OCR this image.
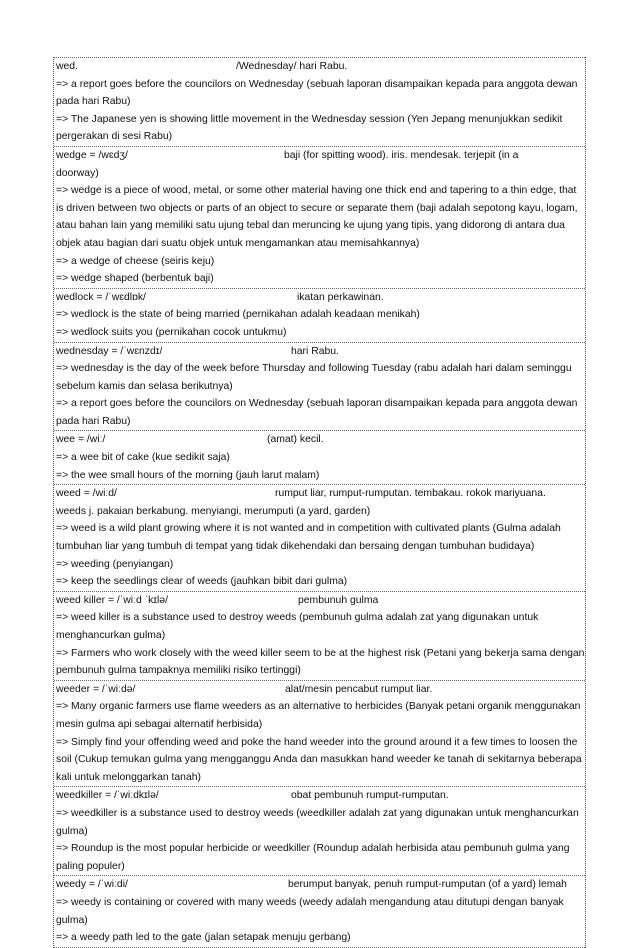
wed.	/Wednesday/ hari Rabu.

=> a report goes before the councilors on Wednesday (sebuah laporan disampaikan kepada para anggota dewan pada hari Rabu)

=> The Japanese yen is showing little movement in the Wednesday session (Yen Jepang menunjukkan sedikit pergerakan di sesi Rabu)

wedge = /wɛdʒ/	baji (for spitting wood). iris. mendesak. terjepit (in a

doorway)

=> wedge is a piece of wood, metal, or some other material having one thick end and tapering to a thin edge, that is driven between two objects or parts of an object to secure or separate them (baji adalah sepotong kayu, logam, atau bahan lain yang memiliki satu ujung tebal dan meruncing ke ujung yang tipis, yang didorong di antara dua objek atau bagian dari suatu objek untuk mengamankan atau memisahkannya)

=> a wedge of cheese (seiris keju)

=> wedge shaped (berbentuk baji)

wedlock = /ˈwɛdlɒk/	ikatan perkawinan.

=> wedlock is the state of being married (pernikahan adalah keadaan menikah)

=> wedlock suits you (pernikahan cocok untukmu)

wednesday = /ˈwɛnzdɪ/	hari Rabu.

=> wednesday is the day of the week before Thursday and following Tuesday (rabu adalah hari dalam seminggu sebelum kamis dan selasa berikutnya)

=> a report goes before the councilors on Wednesday (sebuah laporan disampaikan kepada para anggota dewan pada hari Rabu)

wee = /wiː/	(amat) kecil.

=> a wee bit of cake (kue sedikit saja)

=> the wee small hours of the morning (jauh larut malam)

weed = /wiːd/	rumput liar, rumput-rumputan. tembakau. rokok mariyuana.

weeds j. pakaian berkabung. menyiangi, merumputi (a yard, garden)

=> weed is a wild plant growing where it is not wanted and in competition with cultivated plants (Gulma adalah tumbuhan liar yang tumbuh di tempat yang tidak dikehendaki dan bersaing dengan tumbuhan budidaya)

=> weeding (penyiangan)

=> keep the seedlings clear of weeds (jauhkan bibit dari gulma)

weed killer = /ˈwiːd ˈkɪlə/	pembunuh gulma

=> weed killer is a substance used to destroy weeds (pembunuh gulma adalah zat yang digunakan untuk menghancurkan gulma)

=> Farmers who work closely with the weed killer seem to be at the highest risk (Petani yang bekerja sama dengan pembunuh gulma tampaknya memiliki risiko tertinggi)

weeder = /ˈwiːdə/	alat/mesin pencabut rumput liar.

=> Many organic farmers use flame weeders as an alternative to herbicides (Banyak petani organik menggunakan mesin gulma api sebagai alternatif herbisida)

=> Simply find your offending weed and poke the hand weeder into the ground around it a few times to loosen the soil (Cukup temukan gulma yang mengganggu Anda dan masukkan hand weeder ke tanah di sekitarnya beberapa kali untuk melonggarkan tanah)

weedkiller = /ˈwiːdkɪlə/	obat pembunuh rumput-rumputan.

=> weedkiller is a substance used to destroy weeds (weedkiller adalah zat yang digunakan untuk menghancurkan gulma)

=> Roundup is the most popular herbicide or weedkiller (Roundup adalah herbisida atau pembunuh gulma yang paling populer)

weedy = /ˈwiːdi/	berumput banyak, penuh rumput-rumputan (of a yard) lemah

=> weedy is containing or covered with many weeds (weedy adalah mengandung atau ditutupi dengan banyak gulma)

=> a weedy path led to the gate (jalan setapak menuju gerbang)
